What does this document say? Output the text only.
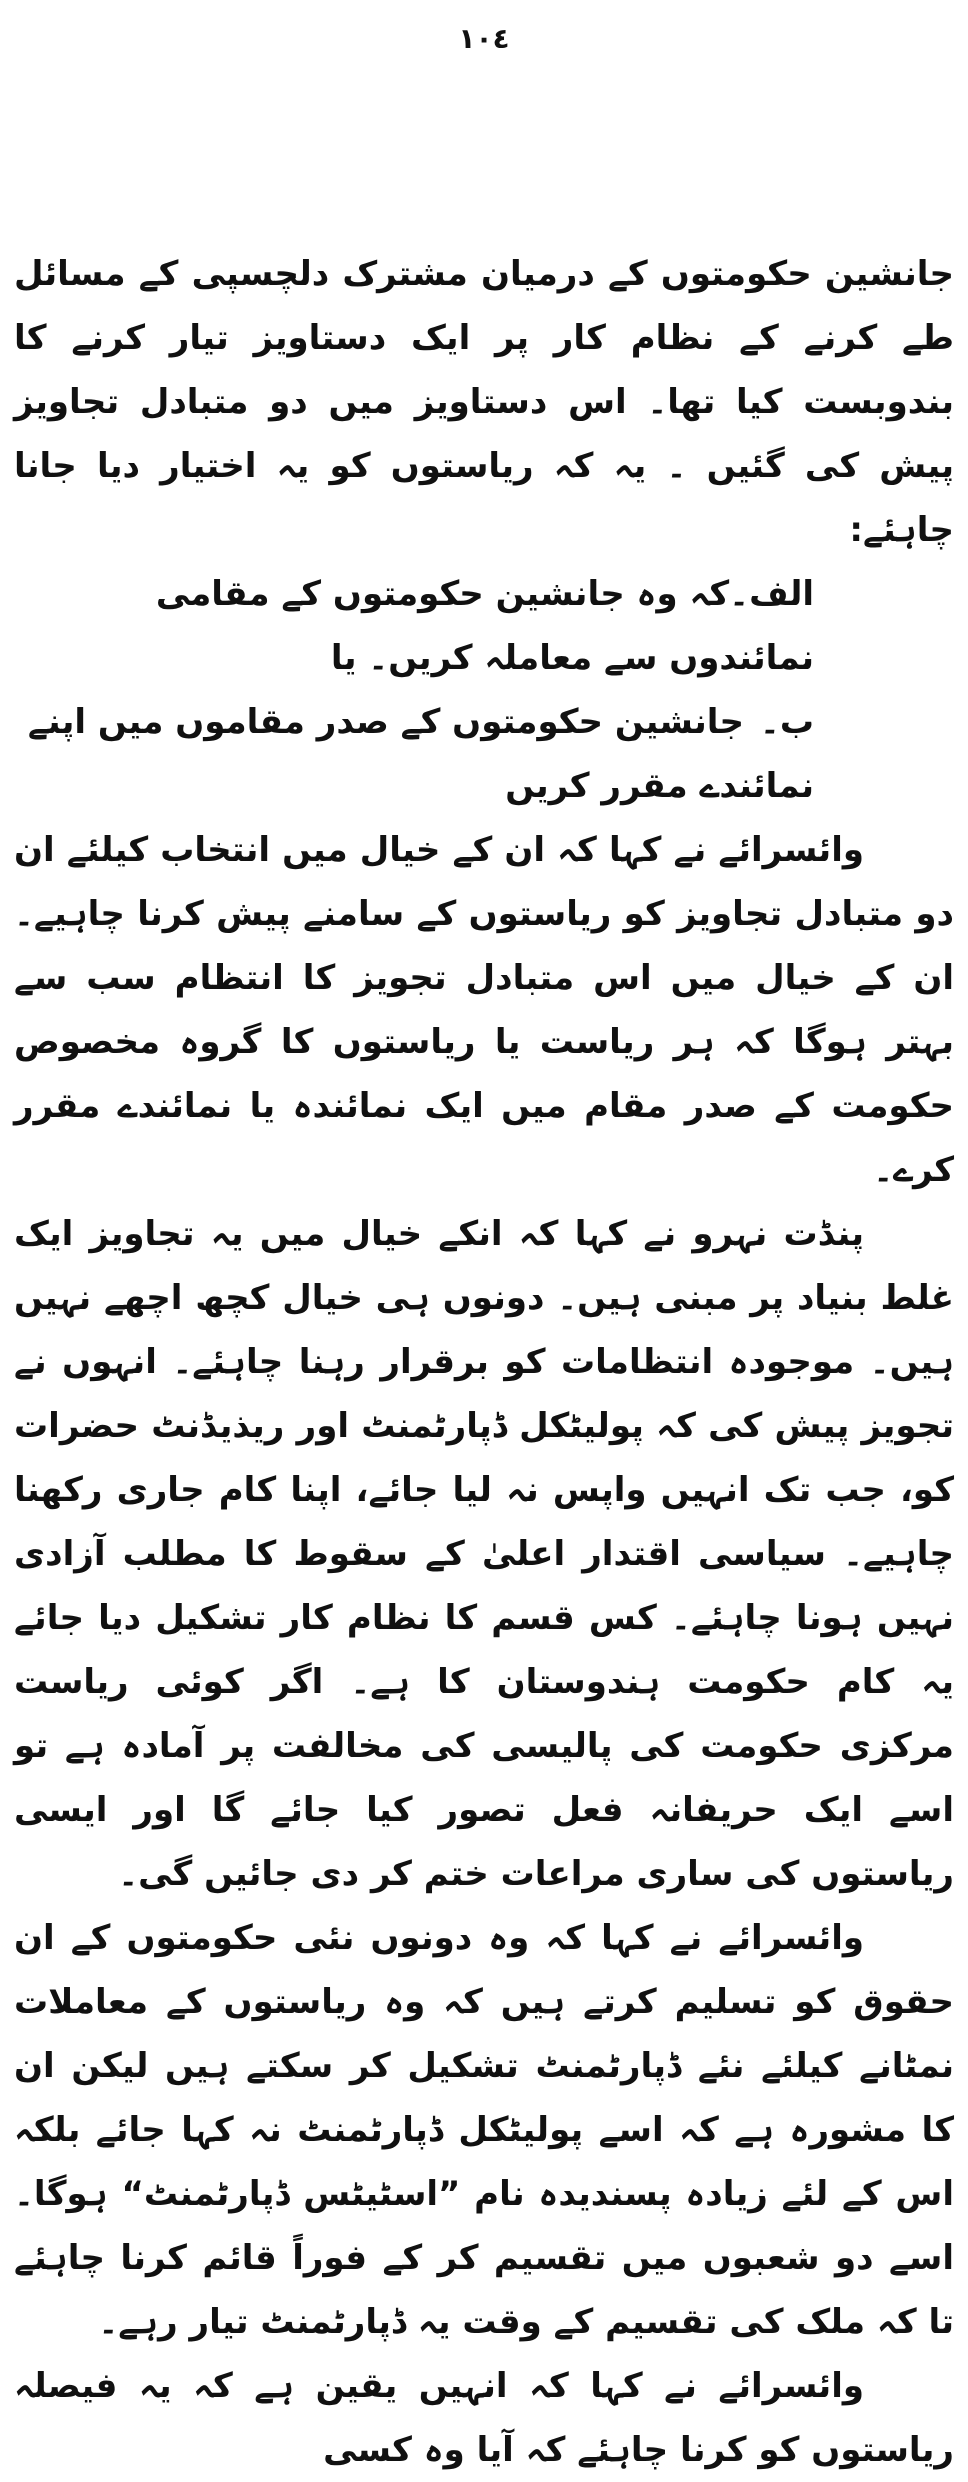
١٠٤

جانشین حکومتوں کے درمیان مشترک دلچسپی کے مسائل طے کرنے کے نظام کار پر ایک دستاویز تیار کرنے کا بندوبست کیا تھا۔ اس دستاویز میں دو متبادل تجاویز پیش کی گئیں ۔ یہ کہ ریاستوں کو یہ اختیار دیا جانا چاہئے:

الف۔کہ وہ جانشین حکومتوں کے مقامی نمائندوں سے معاملہ کریں۔ یا

ب۔جانشین حکومتوں کے صدر مقاموں میں اپنے نمائندے مقرر کریں

وائسرائے نے کہا کہ ان کے خیال میں انتخاب کیلئے ان دو متبادل تجاویز کو ریاستوں کے سامنے پیش کرنا چاہیے۔ ان کے خیال میں اس متبادل تجویز کا انتظام سب سے بہتر ہوگا کہ ہر ریاست یا ریاستوں کا گروہ مخصوص حکومت کے صدر مقام میں ایک نمائندہ یا نمائندے مقرر کرے۔

پنڈت نہرو نے کہا کہ انکے خیال میں یہ تجاویز ایک غلط بنیاد پر مبنی ہیں۔ دونوں ہی خیال کچھ اچھے نہیں ہیں۔ موجودہ انتظامات کو برقرار رہنا چاہئے۔ انہوں نے تجویز پیش کی کہ پولیٹکل ڈپارٹمنٹ اور ریذیڈنٹ حضرات کو، جب تک انہیں واپس نہ لیا جائے، اپنا کام جاری رکھنا چاہیے۔ سیاسی اقتدار اعلیٰ کے سقوط کا مطلب آزادی نہیں ہونا چاہئے۔ کس قسم کا نظام کار تشکیل دیا جائے یہ کام حکومت ہندوستان کا ہے۔ اگر کوئی ریاست مرکزی حکومت کی پالیسی کی مخالفت پر آمادہ ہے تو اسے ایک حریفانہ فعل تصور کیا جائے گا اور ایسی ریاستوں کی ساری مراعات ختم کر دی جائیں گی۔

وائسرائے نے کہا کہ وہ دونوں نئی حکومتوں کے ان حقوق کو تسلیم کرتے ہیں کہ وہ ریاستوں کے معاملات نمٹانے کیلئے نئے ڈپارٹمنٹ تشکیل کر سکتے ہیں لیکن ان کا مشورہ ہے کہ اسے پولیٹکل ڈپارٹمنٹ نہ کہا جائے بلکہ اس کے لئے زیادہ پسندیدہ نام ”اسٹیٹس ڈپارٹمنٹ“ ہوگا۔ اسے دو شعبوں میں تقسیم کر کے فوراً قائم کرنا چاہئے تا کہ ملک کی تقسیم کے وقت یہ ڈپارٹمنٹ تیار رہے۔

وائسرائے نے کہا کہ انہیں یقین ہے کہ یہ فیصلہ ریاستوں کو کرنا چاہئے کہ آیا وہ کسی
